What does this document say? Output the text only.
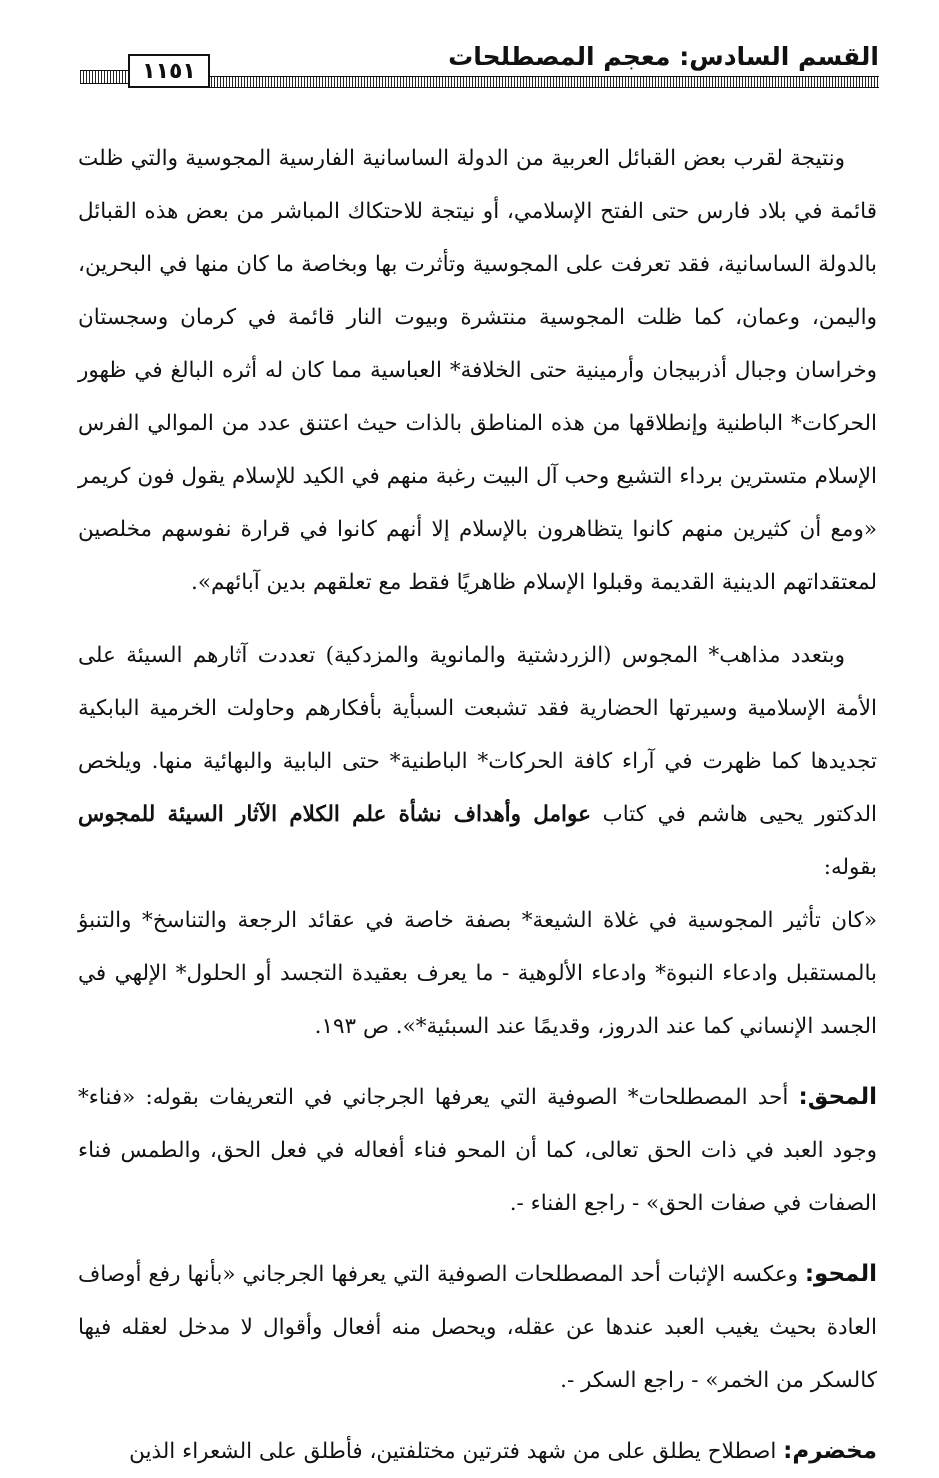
القسم السادس: معجم المصطلحات
١١٥١

ونتيجة لقرب بعض القبائل العربية من الدولة الساسانية الفارسية المجوسية والتي ظلت قائمة في بلاد فارس حتى الفتح الإسلامي، أو نيتجة للاحتكاك المباشر من بعض هذه القبائل بالدولة الساسانية، فقد تعرفت على المجوسية وتأثرت بها وبخاصة ما كان منها في البحرين، واليمن، وعمان، كما ظلت المجوسية منتشرة وبيوت النار قائمة في كرمان وسجستان وخراسان وجبال أذربيجان وأرمينية حتى الخلافة* العباسية مما كان له أثره البالغ في ظهور الحركات* الباطنية وإنطلاقها من هذه المناطق بالذات حيث اعتنق عدد من الموالي الفرس الإسلام متسترين برداء التشيع وحب آل البيت رغبة منهم في الكيد للإسلام يقول فون كريمر «ومع أن كثيرين منهم كانوا يتظاهرون بالإسلام إلا أنهم كانوا في قرارة نفوسهم مخلصين لمعتقداتهم الدينية القديمة وقبلوا الإسلام ظاهريًا فقط مع تعلقهم بدين آبائهم».

وبتعدد مذاهب* المجوس (الزردشتية والمانوية والمزدكية) تعددت آثارهم السيئة على الأمة الإسلامية وسيرتها الحضارية فقد تشبعت السبأية بأفكارهم وحاولت الخرمية البابكية تجديدها كما ظهرت في آراء كافة الحركات* الباطنية* حتى البابية والبهائية منها. ويلخص الدكتور يحيى هاشم في كتاب عوامل وأهداف نشأة علم الكلام الآثار السيئة للمجوس بقوله:

«كان تأثير المجوسية في غلاة الشيعة* بصفة خاصة في عقائد الرجعة والتناسخ* والتنبؤ بالمستقبل وادعاء النبوة* وادعاء الألوهية - ما يعرف بعقيدة التجسد أو الحلول* الإلهي في الجسد الإنساني كما عند الدروز، وقديمًا عند السبئية*». ص ١٩٣.

المحق: أحد المصطلحات* الصوفية التي يعرفها الجرجاني في التعريفات بقوله: «فناء* وجود العبد في ذات الحق تعالى، كما أن المحو فناء أفعاله في فعل الحق، والطمس فناء الصفات في صفات الحق» - راجع الفناء -.

المحو: وعكسه الإثبات أحد المصطلحات الصوفية التي يعرفها الجرجاني «بأنها رفع أوصاف العادة بحيث يغيب العبد عندها عن عقله، ويحصل منه أفعال وأقوال لا مدخل لعقله فيها كالسكر من الخمر» - راجع السكر -.

مخضرم: اصطلاح يطلق على من شهد فترتين مختلفتين، فأطلق على الشعراء الذين
